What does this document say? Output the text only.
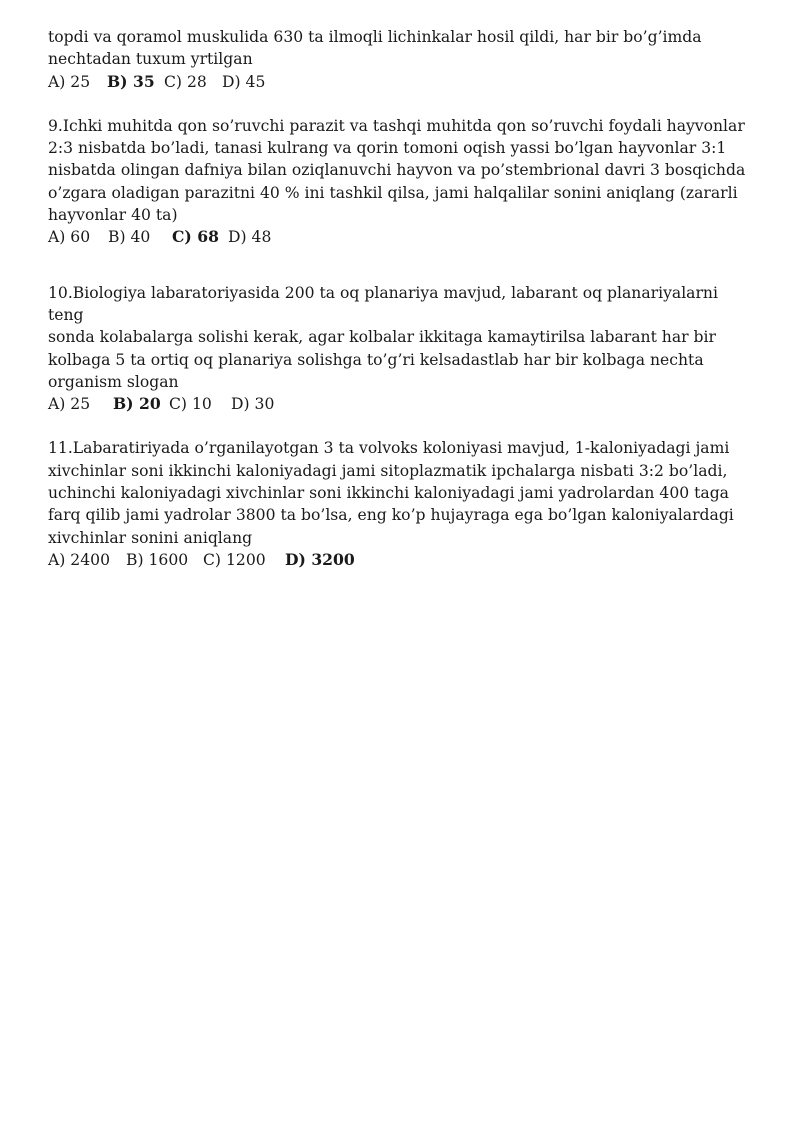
topdi va qoramol muskulida 630 ta ilmoqli lichinkalar hosil qildi, har bir bo’g’imda
nechtadan tuxum yrtilgan

A) 25 B) 35 C) 28 D) 45

9.Ichki muhitda qon so’ruvchi parazit va tashqi muhitda qon so’ruvchi foydali hayvonlar
2:3 nisbatda bo’ladi, tanasi kulrang va qorin tomoni oqish yassi bo’lgan hayvonlar 3:1
nisbatda olingan dafniya bilan oziqlanuvchi hayvon va po’stembrional davri 3 bosqichda
o’zgara oladigan parazitni 40 % ini tashkil qilsa, jami halqalilar sonini aniqlang (zararli
hayvonlar 40 ta)

A) 60 B) 40 C) 68 D) 48

10.Biologiya labaratoriyasida 200 ta oq planariya mavjud, labarant oq planariyalarni teng
sonda kolabalarga solishi kerak, agar kolbalar ikkitaga kamaytirilsa labarant har bir
kolbaga 5 ta ortiq oq planariya solishga to’g’ri kelsadastlab har bir kolbaga nechta
organism slogan

A) 25 B) 20 C) 10 D) 30

11.Labaratiriyada o’rganilayotgan 3 ta volvoks koloniyasi mavjud, 1-kaloniyadagi jami
xivchinlar soni ikkinchi kaloniyadagi jami sitoplazmatik ipchalarga nisbati 3:2 bo’ladi,
uchinchi kaloniyadagi xivchinlar soni ikkinchi kaloniyadagi jami yadrolardan 400 taga
farq qilib jami yadrolar 3800 ta bo’lsa, eng ko’p hujayraga ega bo’lgan kaloniyalardagi
xivchinlar sonini aniqlang

A) 2400 B) 1600 C) 1200 D) 3200
